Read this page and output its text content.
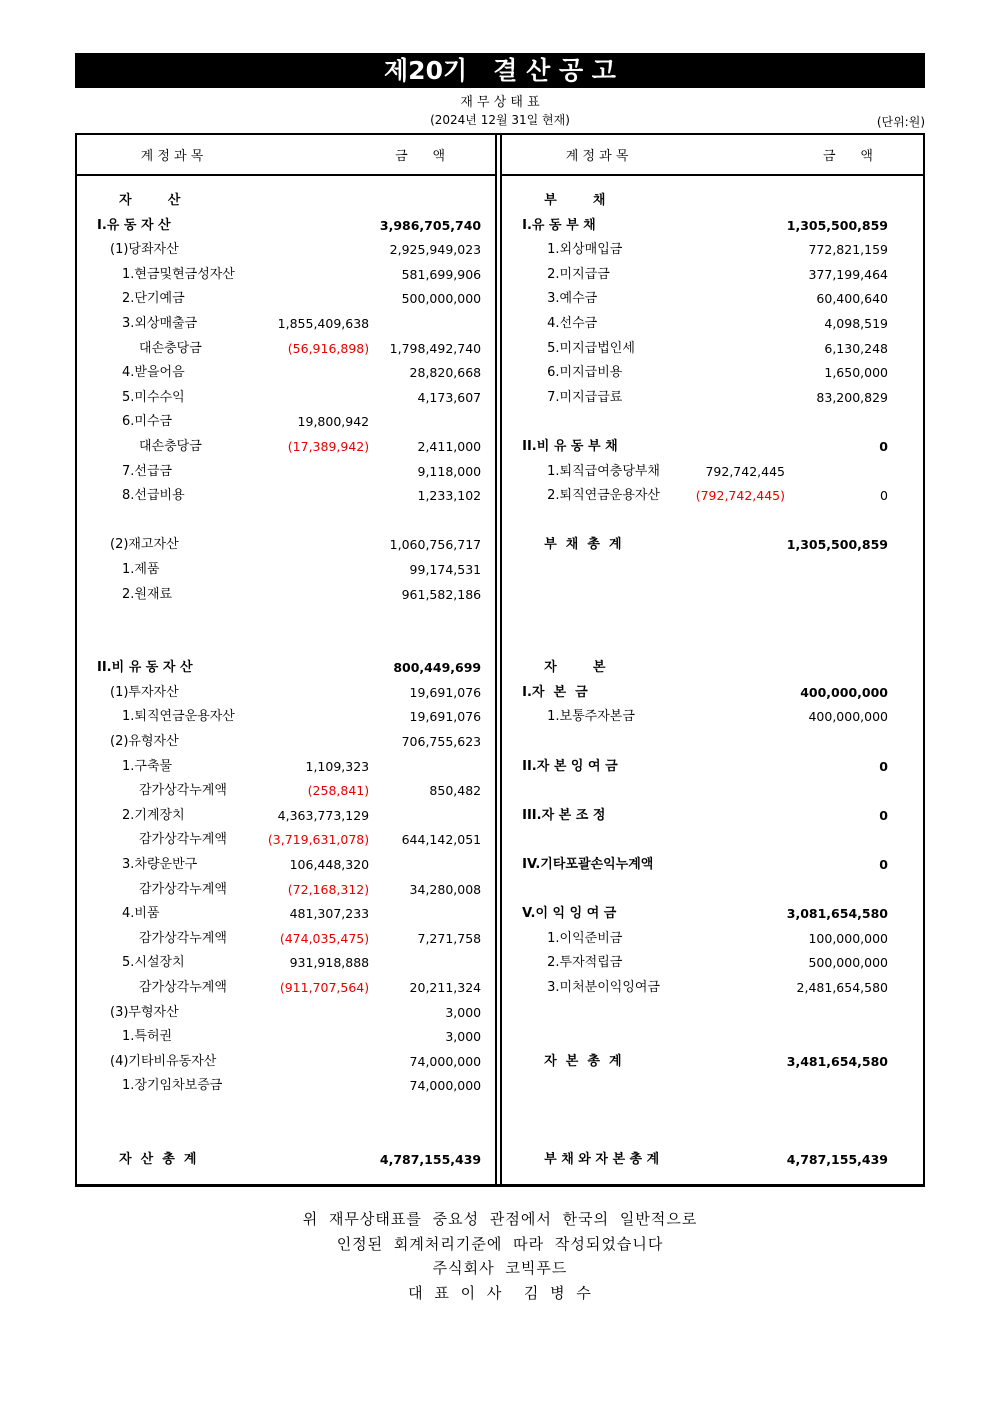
제20기   결 산 공 고
재 무 상 태 표
(2024년 12월 31일 현재)	(단위:원)
계 정 과 목	금      액
자        산
I.유 동 자 산	3,986,705,740
(1)당좌자산	2,925,949,023
1.현금및현금성자산	581,699,906
2.단기예금	500,000,000
3.외상매출금	1,855,409,638
대손충당금	(56,916,898)	1,798,492,740
4.받을어음	28,820,668
5.미수수익	4,173,607
6.미수금	19,800,942
대손충당금	(17,389,942)	2,411,000
7.선급금	9,118,000
8.선급비용	1,233,102
(2)재고자산	1,060,756,717
1.제품	99,174,531
2.원재료	961,582,186
II.비 유 동 자 산	800,449,699
(1)투자자산	19,691,076
1.퇴직연금운용자산	19,691,076
(2)유형자산	706,755,623
1.구축물	1,109,323
감가상각누계액	(258,841)	850,482
2.기계장치	4,363,773,129
감가상각누계액	(3,719,631,078)	644,142,051
3.차량운반구	106,448,320
감가상각누계액	(72,168,312)	34,280,008
4.비품	481,307,233
감가상각누계액	(474,035,475)	7,271,758
5.시설장치	931,918,888
감가상각누계액	(911,707,564)	20,211,324
(3)무형자산	3,000
1.특허권	3,000
(4)기타비유동자산	74,000,000
1.장기임차보증금	74,000,000
자  산  총  계	4,787,155,439
계 정 과 목	금      액
부        채
I.유 동 부 채	1,305,500,859
1.외상매입금	772,821,159
2.미지급금	377,199,464
3.예수금	60,400,640
4.선수금	4,098,519
5.미지급법인세	6,130,248
6.미지급비용	1,650,000
7.미지급급료	83,200,829
II.비 유 동 부 채	0
1.퇴직급여충당부채	792,742,445
2.퇴직연금운용자산	(792,742,445)	0
부  채  총  계	1,305,500,859
자        본
I.자  본  금	400,000,000
1.보통주자본금	400,000,000
II.자 본 잉 여 금	0
III.자 본 조 정	0
IV.기타포괄손익누계액	0
V.이 익 잉 여 금	3,081,654,580
1.이익준비금	100,000,000
2.투자적립금	500,000,000
3.미처분이익잉여금	2,481,654,580
자  본  총  계	3,481,654,580
부 채 와 자 본 총 계	4,787,155,439
위 재무상태표를 중요성 관점에서 한국의 일반적으로
인정된 회계처리기준에 따라 작성되었습니다
주식회사 코빅푸드
대 표 이 사  김 병 수
